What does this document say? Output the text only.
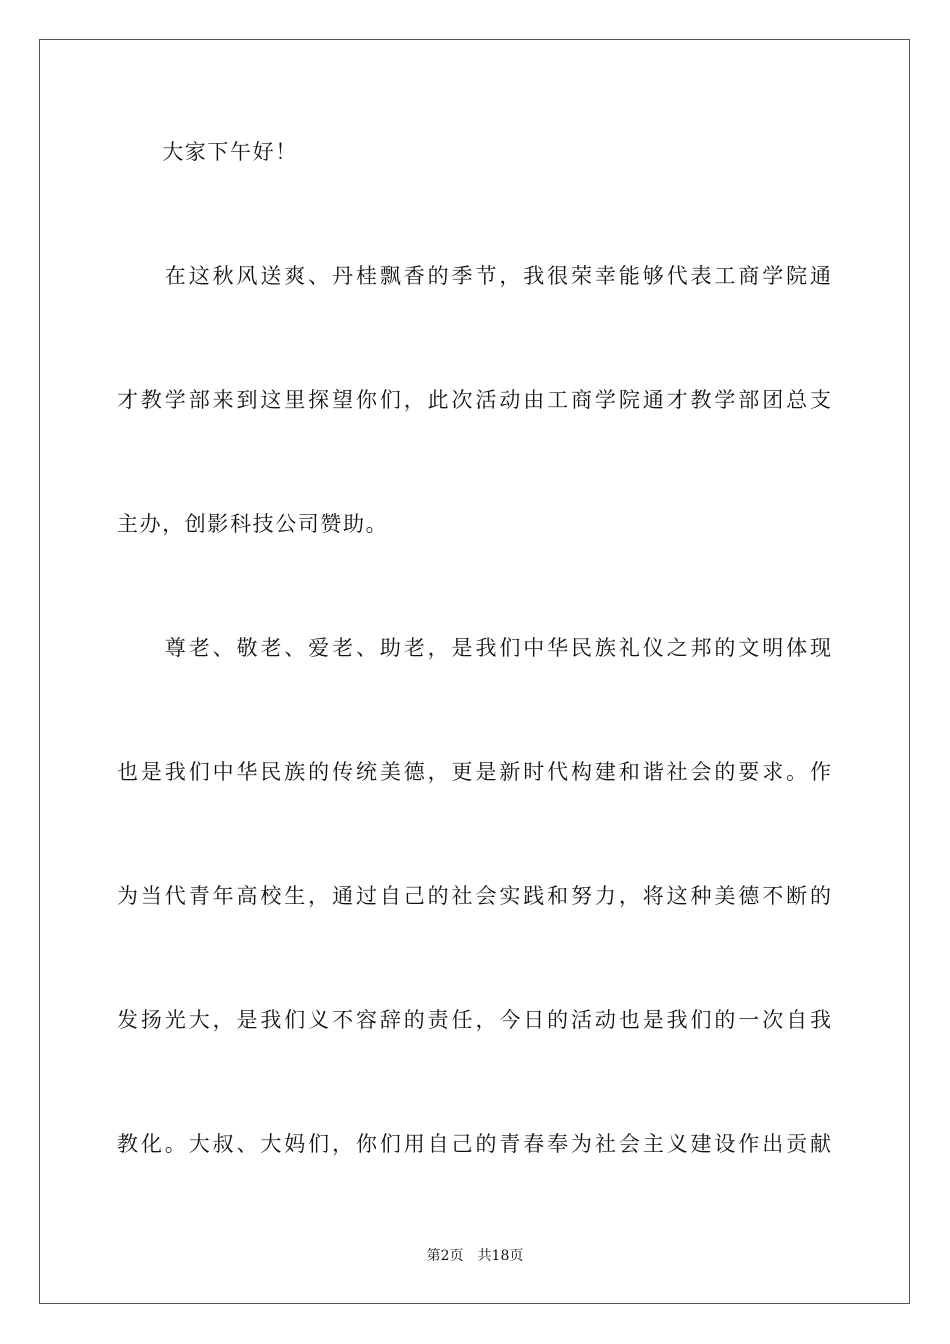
　　大家下午好！
　　在这秋风送爽、丹桂飘香的季节，我很荣幸能够代表工商学院通
才教学部来到这里探望你们，此次活动由工商学院通才教学部团总支
主办，创影科技公司赞助。
　　尊老、敬老、爱老、助老，是我们中华民族礼仪之邦的文明体现
也是我们中华民族的传统美德，更是新时代构建和谐社会的要求。作
为当代青年高校生，通过自己的社会实践和努力，将这种美德不断的
发扬光大，是我们义不容辞的责任，今日的活动也是我们的一次自我
教化。大叔、大妈们，你们用自己的青春奉为社会主义建设作出贡献
第2页　共18页
